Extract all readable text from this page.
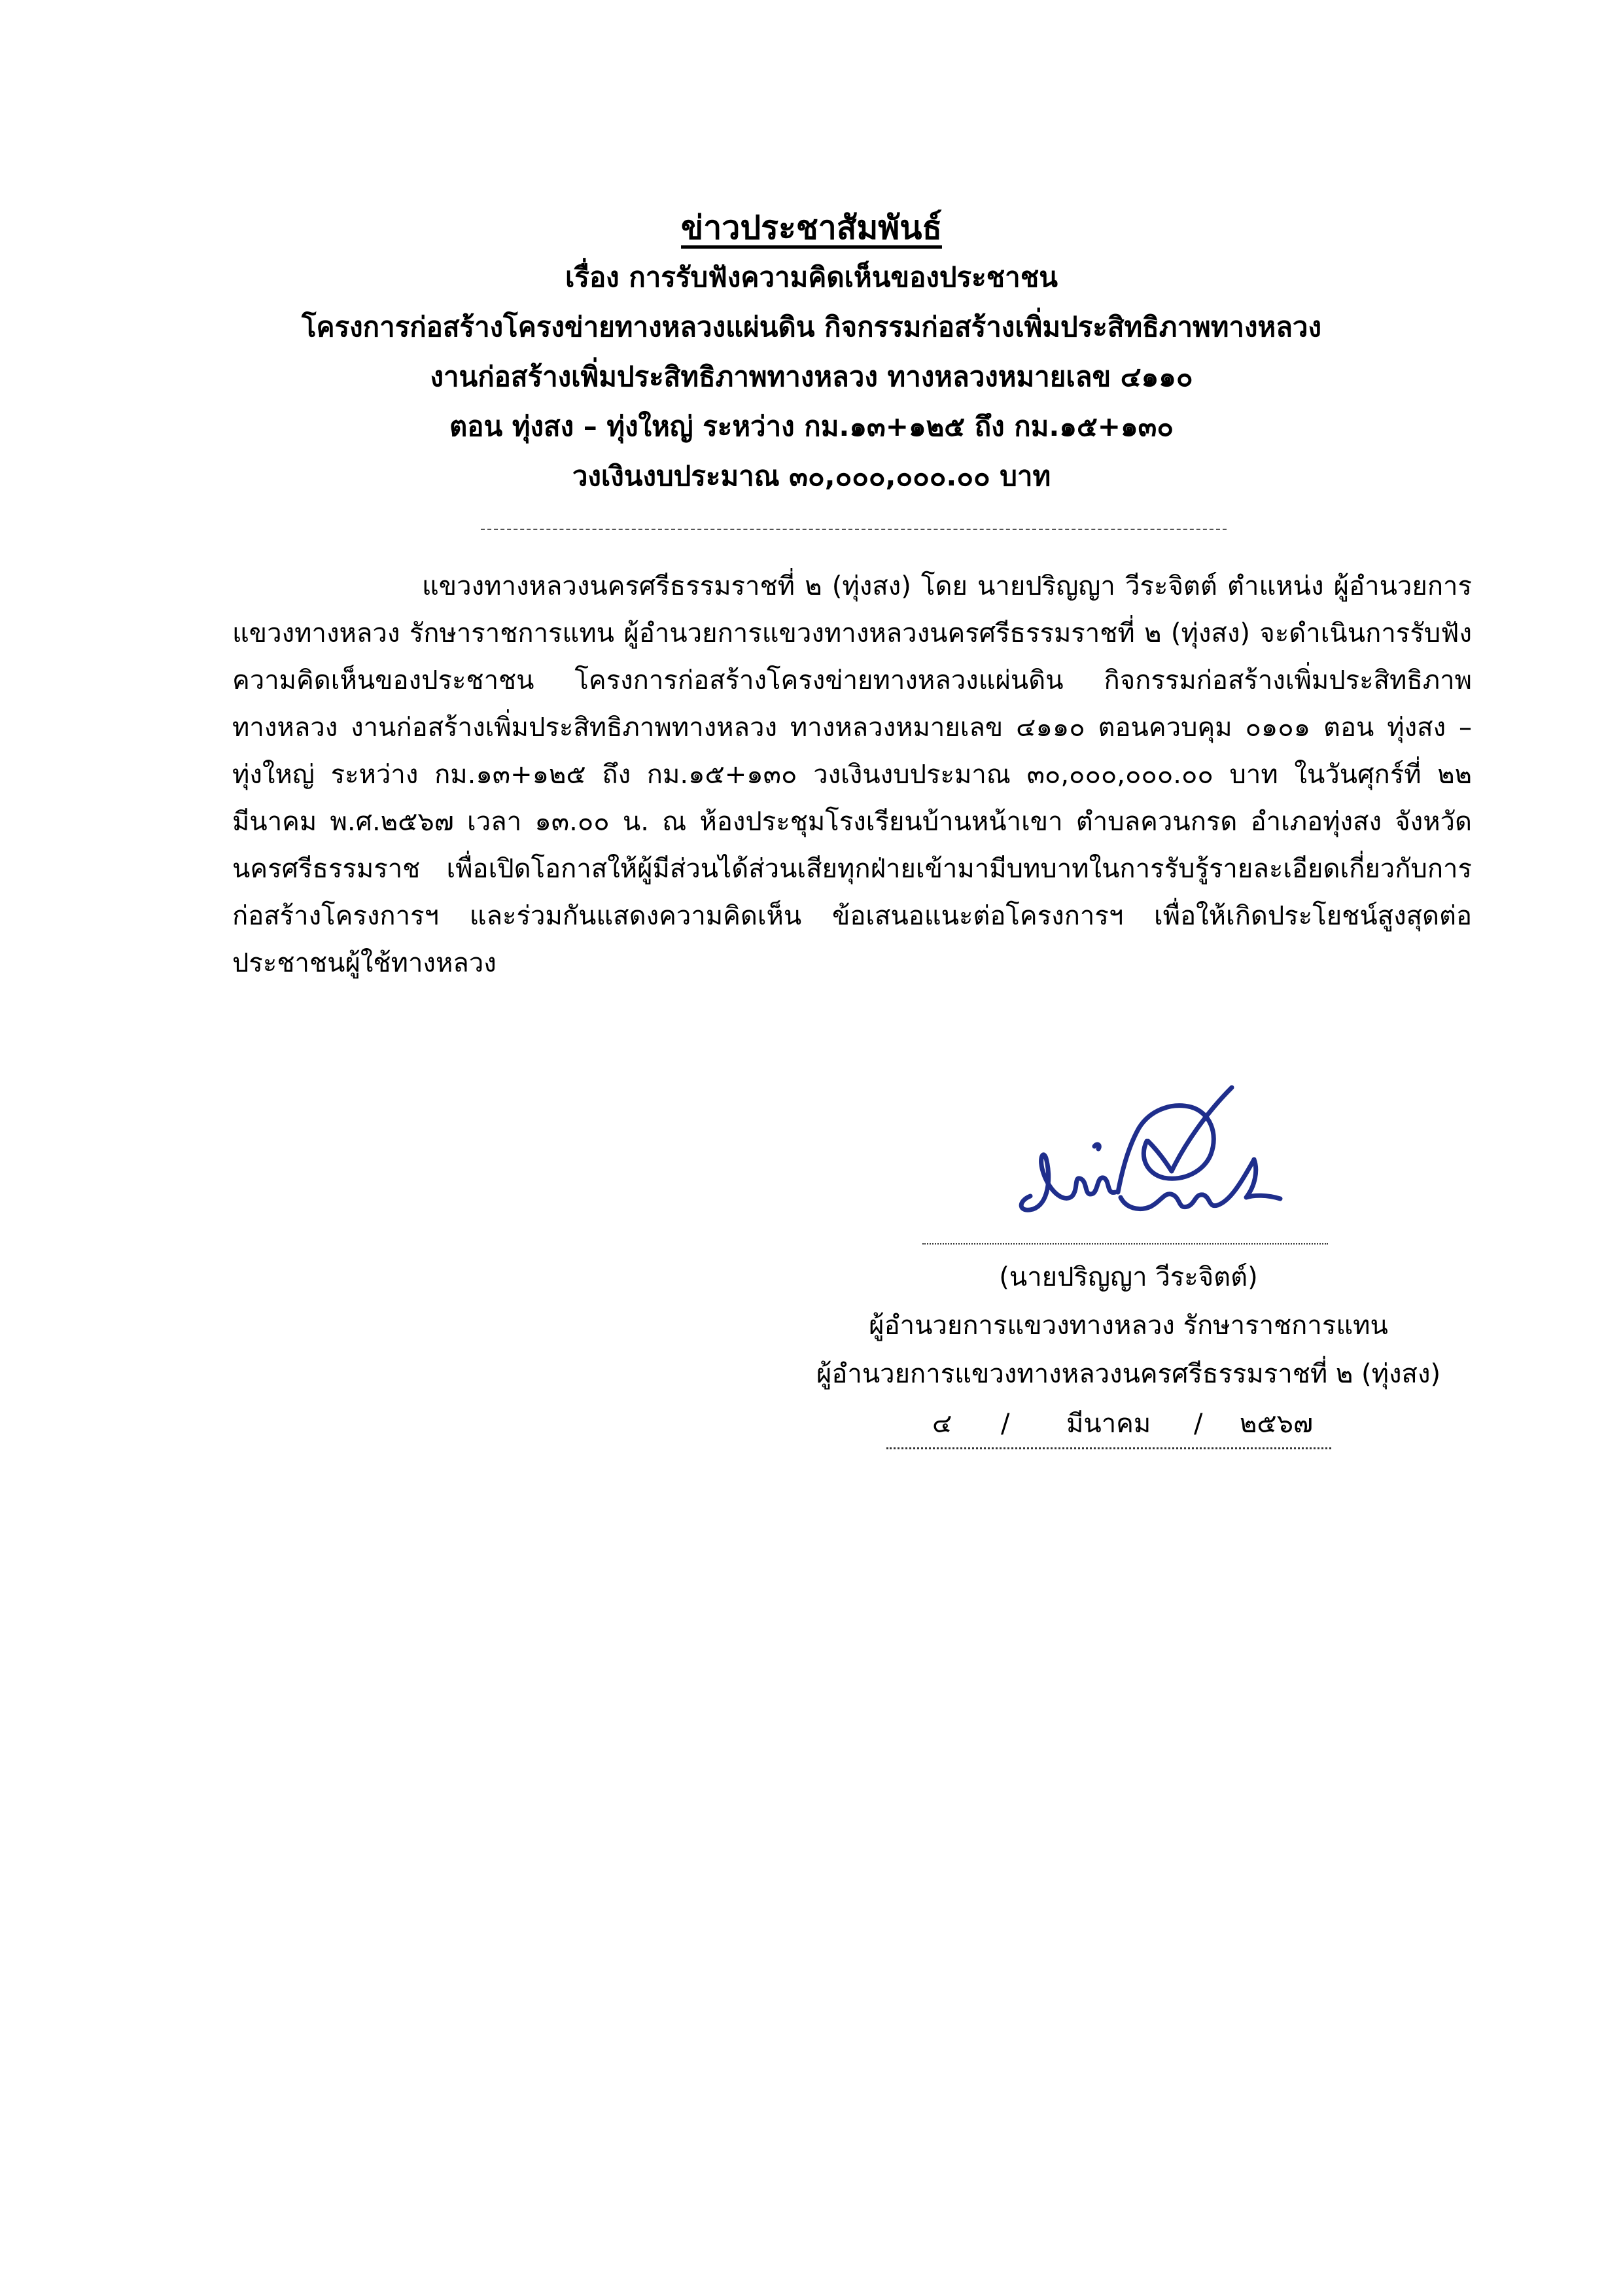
ข่าวประชาสัมพันธ์
เรื่อง การรับฟังความคิดเห็นของประชาชน
โครงการก่อสร้างโครงข่ายทางหลวงแผ่นดิน กิจกรรมก่อสร้างเพิ่มประสิทธิภาพทางหลวง
งานก่อสร้างเพิ่มประสิทธิภาพทางหลวง ทางหลวงหมายเลข ๔๑๑๐
ตอน ทุ่งสง – ทุ่งใหญ่ ระหว่าง กม.๑๓+๑๒๕ ถึง กม.๑๕+๑๓๐
วงเงินงบประมาณ ๓๐,๐๐๐,๐๐๐.๐๐ บาท

แขวงทางหลวงนครศรีธรรมราชที่ ๒ (ทุ่งสง) โดย นายปริญญา วีระจิตต์ ตำแหน่ง ผู้อำนวยการแขวงทางหลวง รักษาราชการแทน ผู้อำนวยการแขวงทางหลวงนครศรีธรรมราชที่ ๒ (ทุ่งสง) จะดำเนินการรับฟังความคิดเห็นของประชาชน โครงการก่อสร้างโครงข่ายทางหลวงแผ่นดิน กิจกรรมก่อสร้างเพิ่มประสิทธิภาพทางหลวง งานก่อสร้างเพิ่มประสิทธิภาพทางหลวง ทางหลวงหมายเลข ๔๑๑๐ ตอนควบคุม ๐๑๐๑ ตอน ทุ่งสง – ทุ่งใหญ่ ระหว่าง กม.๑๓+๑๒๕ ถึง กม.๑๕+๑๓๐ วงเงินงบประมาณ ๓๐,๐๐๐,๐๐๐.๐๐ บาท ในวันศุกร์ที่ ๒๒ มีนาคม พ.ศ.๒๕๖๗ เวลา ๑๓.๐๐ น. ณ ห้องประชุมโรงเรียนบ้านหน้าเขา ตำบลควนกรด อำเภอทุ่งสง จังหวัดนครศรีธรรมราช เพื่อเปิดโอกาสให้ผู้มีส่วนได้ส่วนเสียทุกฝ่ายเข้ามามีบทบาทในการรับรู้รายละเอียดเกี่ยวกับการก่อสร้างโครงการฯ และร่วมกันแสดงความคิดเห็น ข้อเสนอแนะต่อโครงการฯ เพื่อให้เกิดประโยชน์สูงสุดต่อประชาชนผู้ใช้ทางหลวง

(นายปริญญา วีระจิตต์)
ผู้อำนวยการแขวงทางหลวง รักษาราชการแทน
ผู้อำนวยการแขวงทางหลวงนครศรีธรรมราชที่ ๒ (ทุ่งสง)
๔ / มีนาคม / ๒๕๖๗
